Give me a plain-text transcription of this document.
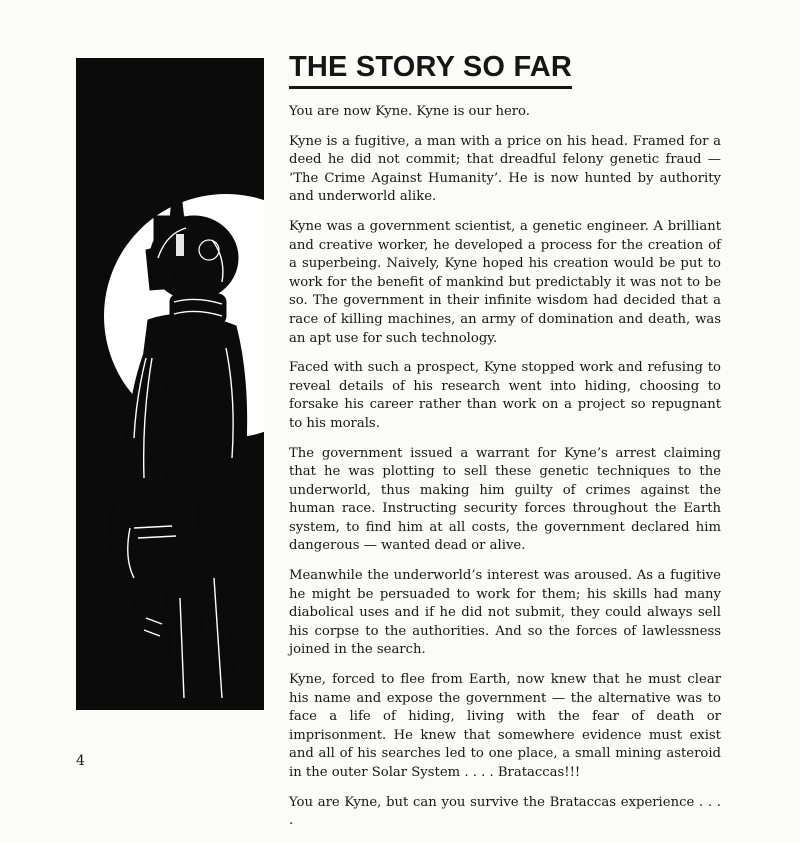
THE STORY SO FAR

You are now Kyne. Kyne is our hero.

Kyne is a fugitive, a man with a price on his head. Framed for a deed he did not commit; that dreadful felony genetic fraud — ‘The Crime Against Humanity’. He is now hunted by authority and underworld alike.

Kyne was a government scientist, a genetic engineer. A brilliant and creative worker, he developed a process for the creation of a superbeing. Naively, Kyne hoped his creation would be put to work for the benefit of mankind but predictably it was not to be so. The government in their infinite wisdom had decided that a race of killing machines, an army of domination and death, was an apt use for such technology.

Faced with such a prospect, Kyne stopped work and refusing to reveal details of his research went into hiding, choosing to forsake his career rather than work on a project so repugnant to his morals.

The government issued a warrant for Kyne’s arrest claiming that he was plotting to sell these genetic techniques to the underworld, thus making him guilty of crimes against the human race. Instructing security forces throughout the Earth system, to find him at all costs, the government declared him dangerous — wanted dead or alive.

Meanwhile the underworld’s interest was aroused. As a fugitive he might be persuaded to work for them; his skills had many diabolical uses and if he did not submit, they could always sell his corpse to the authorities. And so the forces of lawlessness joined in the search.

Kyne, forced to flee from Earth, now knew that he must clear his name and expose the government — the alternative was to face a life of hiding, living with the fear of death or imprisonment. He knew that somewhere evidence must exist and all of his searches led to one place, a small mining asteroid in the outer Solar System . . . . Brataccas!!!

You are Kyne, but can you survive the Brataccas experience . . . .

4
